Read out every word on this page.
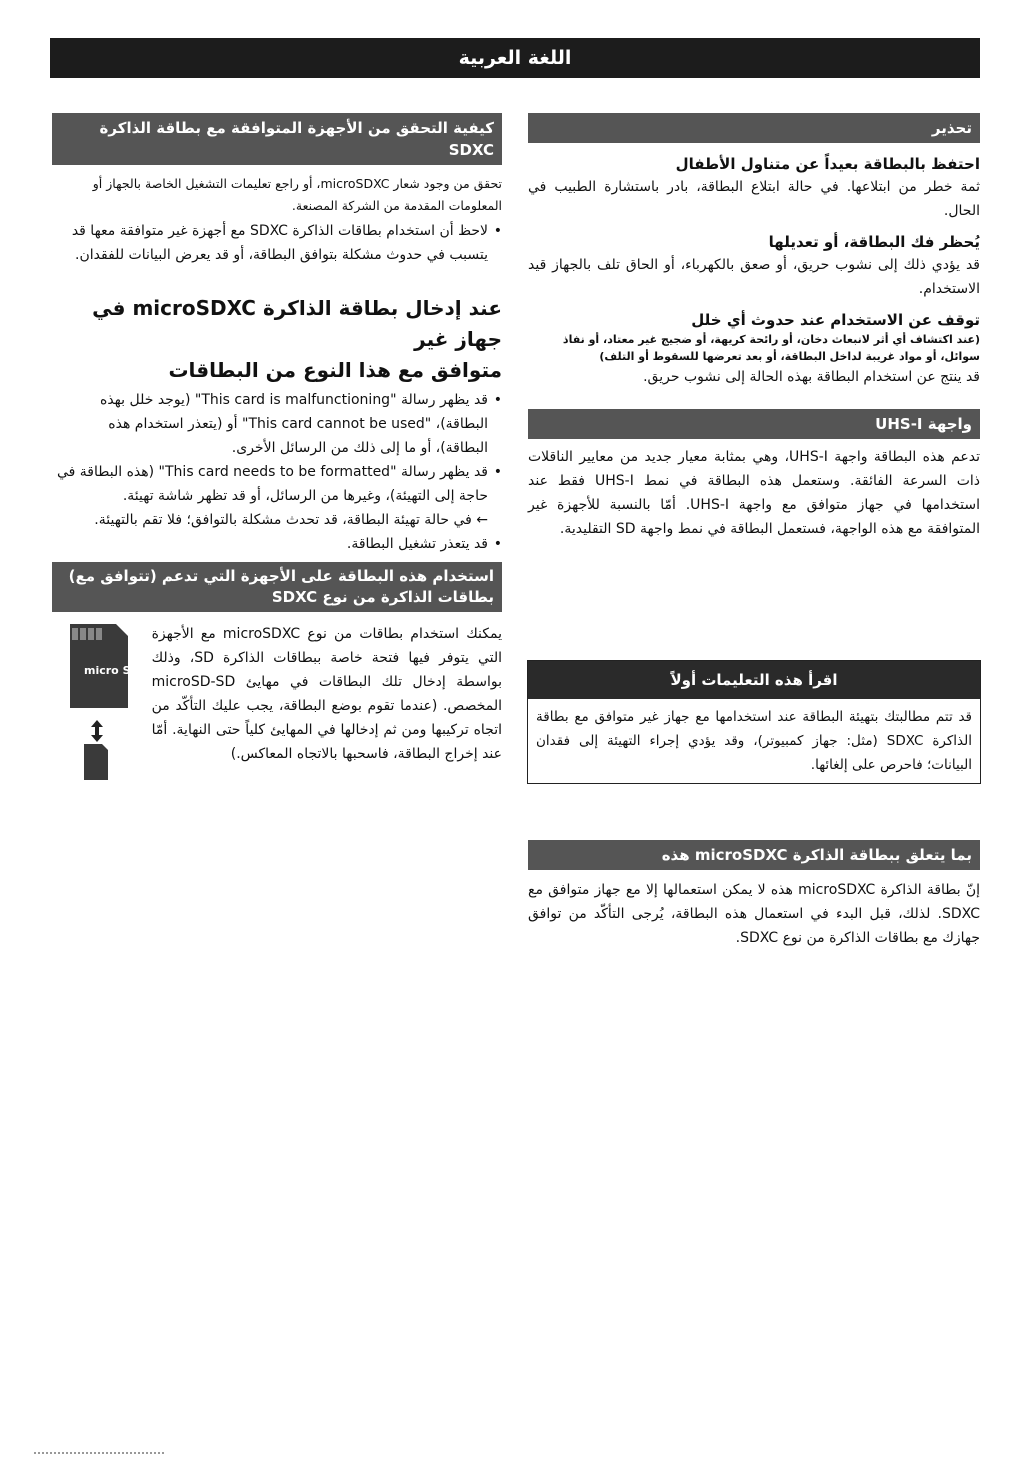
اللغة العربية
كيفية التحقق من الأجهزة المتوافقة مع بطاقة الذاكرة SDXC

تحقق من وجود شعار microSDXC، أو راجع تعليمات التشغيل الخاصة بالجهاز أو المعلومات المقدمة من الشركة المصنعة.

• لاحظ أن استخدام بطاقات الذاكرة SDXC مع أجهزة غير متوافقة معها قد يتسبب في حدوث مشكلة بتوافق البطاقة، أو قد يعرض البيانات للفقدان.

عند إدخال بطاقة الذاكرة microSDXC في جهاز غير

متوافق مع هذا النوع من البطاقات

• قد يظهر رسالة "This card is malfunctioning" (يوجد خلل بهذه البطاقة)، "This card cannot be used" أو (يتعذر استخدام هذه البطاقة)، أو ما إلى ذلك من الرسائل الأخرى.
• قد يظهر رسالة "This card needs to be formatted" (هذه البطاقة في حاجة إلى التهيئة)، وغيرها من الرسائل، أو قد تظهر شاشة تهيئة.
← في حالة تهيئة البطاقة، قد تحدث مشكلة بالتوافق؛ فلا تقم بالتهيئة.
• قد يتعذر تشغيل البطاقة.
استخدام هذه البطاقة على الأجهزة التي تدعم (تتوافق مع) بطاقات الذاكرة من نوع SDXC

يمكنك استخدام بطاقات من نوع microSDXC مع الأجهزة التي يتوفر فيها فتحة خاصة ببطاقات الذاكرة SD، وذلك بواسطة إدخال تلك البطاقات في مهايئ microSD-SD المخصص. (عندما تقوم بوضع البطاقة، يجب عليك التأكّد من اتجاه تركيبها ومن ثم إدخالها في المهايئ كلياً حتى النهاية. أمّا عند إخراج البطاقة، فاسحبها بالاتجاه المعاكس.)

micro SD
تحذير

احتفظ بالبطاقة بعيداً عن متناول الأطفال

ثمة خطر من ابتلاعها. في حالة ابتلاع البطاقة، بادر باستشارة الطبيب في الحال.

يُحظر فك البطاقة، أو تعديلها

قد يؤدي ذلك إلى نشوب حريق، أو صعق بالكهرباء، أو الحاق تلف بالجهاز قيد الاستخدام.

توقف عن الاستخدام عند حدوث أي خلل

(عند اكتشاف أي أثر لانبعاث دخان، أو رائحة كريهة، أو ضجيج غير معتاد، أو نفاذ سوائل، أو مواد غريبة لداخل البطاقة، أو بعد تعرضها للسقوط أو التلف)

قد ينتج عن استخدام البطاقة بهذه الحالة إلى نشوب حريق.

واجهة UHS-I

تدعم هذه البطاقة واجهة UHS-I، وهي بمثابة معيار جديد من معايير الناقلات ذات السرعة الفائقة. وستعمل هذه البطاقة في نمط UHS-I فقط عند استخدامها في جهاز متوافق مع واجهة UHS-I. أمّا بالنسبة للأجهزة غير المتوافقة مع هذه الواجهة، فستعمل البطاقة في نمط واجهة SD التقليدية.

اقرأ هذه التعليمات أولاً

قد تتم مطالبتك بتهيئة البطاقة عند استخدامها مع جهاز غير متوافق مع بطاقة الذاكرة SDXC (مثل: جهاز كمبيوتر)، وقد يؤدي إجراء التهيئة إلى فقدان البيانات؛ فاحرص على إلغائها.

بما يتعلق ببطاقة الذاكرة microSDXC هذه

إنّ بطاقة الذاكرة microSDXC هذه لا يمكن استعمالها إلا مع جهاز متوافق مع SDXC. لذلك، قبل البدء في استعمال هذه البطاقة، يُرجى التأكّد من توافق جهازك مع بطاقات الذاكرة من نوع SDXC.
